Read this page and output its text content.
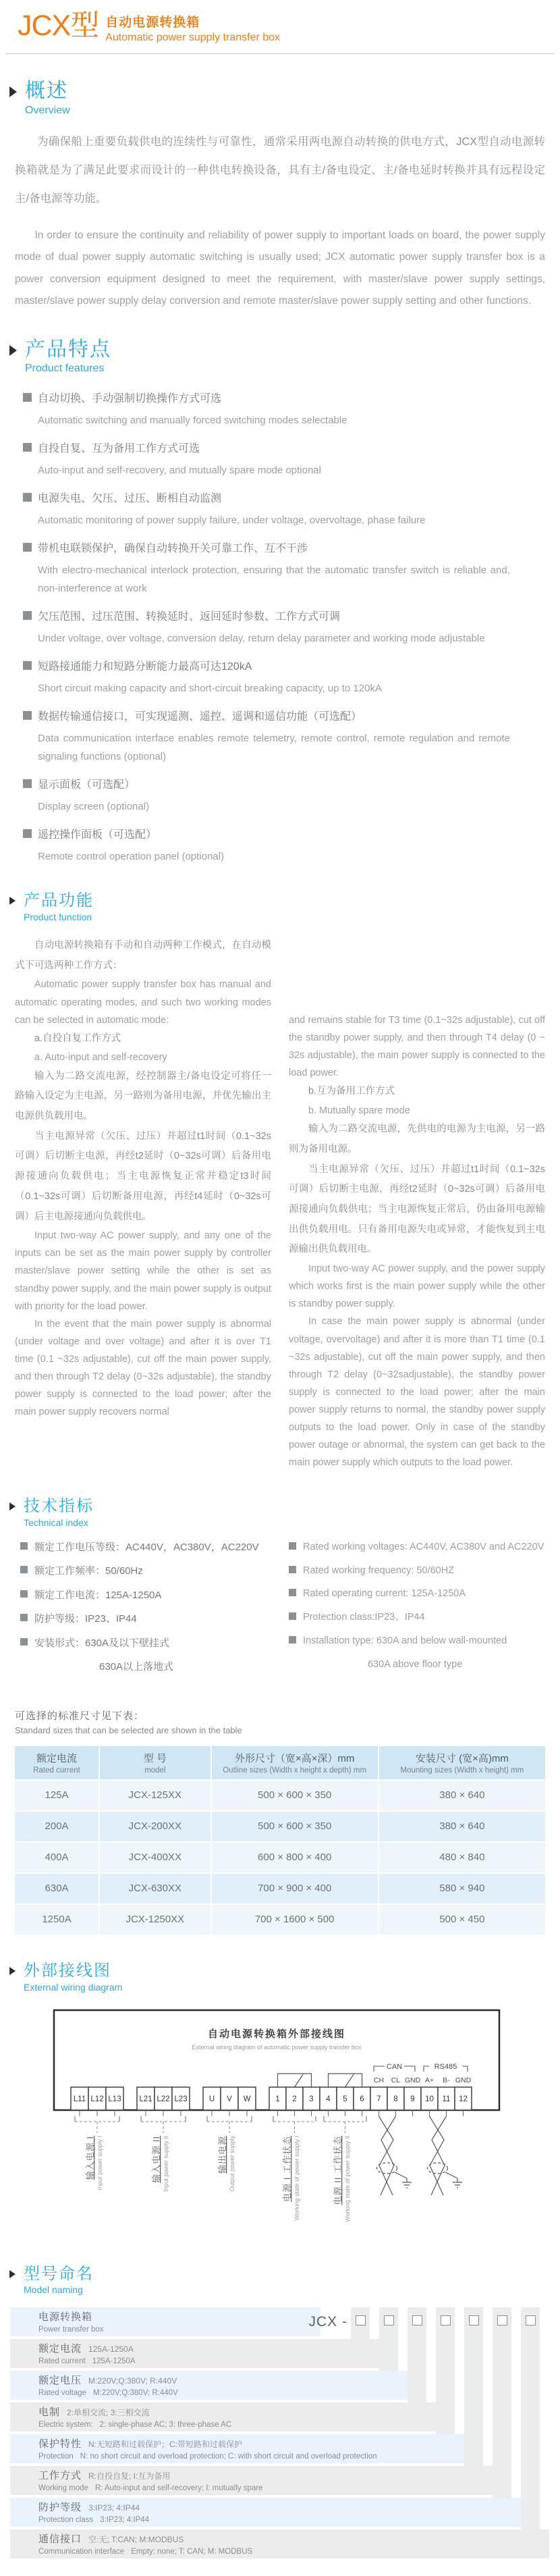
JCX型 自动电源转换箱
Automatic power supply transfer box
概述
Overview

为确保船上重要负载供电的连续性与可靠性，通常采用两电源自动转换的供电方式，JCX型自动电源转换箱就是为了满足此要求而设计的一种供电转换设备，具有主/备电设定、主/备电延时转换并具有远程设定主/备电源等功能。

In order to ensure the continuity and reliability of power supply to important loads on board, the power supply mode of dual power supply automatic switching is usually used; JCX automatic power supply transfer box is a power conversion equipment designed to meet the requirement, with master/slave power supply settings, master/slave power supply delay conversion and remote master/slave power supply setting and other functions.

产品特点
Product features
自动切换、手动强制切换操作方式可选
Automatic switching and manually forced switching modes selectable
自投自复、互为备用工作方式可选
Auto-input and self-recovery, and mutually spare mode optional
电源失电、欠压、过压、断相自动监测
Automatic monitoring of power supply failure, under voltage, overvoltage, phase failure
带机电联锁保护，确保自动转换开关可靠工作、互不干涉
With electro-mechanical interlock protection, ensuring that the automatic transfer switch is reliable and, non-interference at work
欠压范围、过压范围、转换延时、返回延时参数、工作方式可调
Under voltage, over voltage, conversion delay, return delay parameter and working mode adjustable
短路接通能力和短路分断能力最高可达120kA
Short circuit making capacity and short-circuit breaking capacity, up to 120kA
数据传输通信接口，可实现遥测、遥控、遥调和遥信功能（可选配）
Data communication interface enables remote telemetry, remote control, remote regulation and remote signaling functions (optional)
显示面板（可选配）
Display screen (optional)
遥控操作面板（可选配）
Remote control operation panel (optional)
产品功能
Product function

自动电源转换箱有手动和自动两种工作模式，在自动模式下可选两种工作方式：

Automatic power supply transfer box has manual and automatic operating modes, and such two working modes can be selected in automatic mode:

a.自投自复工作方式

a. Auto-input and self-recovery

输入为二路交流电源，经控制器主/备电设定可将任一路输入设定为主电源，另一路则为备用电源，并优先输出主电源供负载用电。

当主电源异常（欠压、过压）并超过t1时间（0.1~32s可调）后切断主电源，再经t2延时（0~32s可调）后备用电源接通向负载供电；当主电源恢复正常并稳定t3时间（0.1~32s可调）后切断备用电源，再经t4延时（0~32s可调）后主电源接通向负载供电。

Input two-way AC power supply, and any one of the inputs can be set as the main power supply by controller master/slave power setting while the other is set as standby power supply, and the main power supply is output with priority for the load power.

In the event that the main power supply is abnormal (under voltage and over voltage) and after it is over T1 time (0.1 ~32s adjustable), cut off the main power supply, and then through T2 delay (0~32s adjustable), the standby power supply is connected to the load power; after the main power supply recovers normal

and remains stable for T3 time (0.1~32s adjustable), cut off the standby power supply, and then through T4 delay (0 ~ 32s adjustable), the main power supply is connected to the load power.

b.互为备用工作方式

b. Mutually spare mode

输入为二路交流电源，先供电的电源为主电源，另一路则为备用电源。

当主电源异常（欠压、过压）并超过t1时间（0.1~32s可调）后切断主电源，再经t2延时（0~32s可调）后备用电源接通向负载供电；当主电源恢复正常后，仍由备用电源输出供负载用电。只有备用电源失电或异常，才能恢复到主电源输出供负载用电。

Input two-way AC power supply, and the power supply which works first is the main power supply while the other is standby power supply.

In case the main power supply is abnormal (under voltage, overvoltage) and after it is more than T1 time (0.1 ~32s adjustable), cut off the main power supply, and then through T2 delay (0~32sadjustable), the standby power supply is connected to the load power; after the main power supply returns to normal, the standby power supply outputs to the load power. Only in case of the standby power outage or abnormal, the system can get back to the main power supply which outputs to the load power.

技术指标
Technical index
额定工作电压等级：AC440V，AC380V，AC220V
额定工作频率：50/60Hz
额定工作电流：125A-1250A
防护等级：IP23、IP44
安装形式：630A及以下壁挂式
630A以上落地式
Rated working voltages: AC440V, AC380V and AC220V
Rated working frequency: 50/60HZ
Rated operating current: 125A-1250A
Protection class:IP23、IP44
Installation type: 630A and below wall-mounted
630A above floor type
可选择的标准尺寸见下表：
Standard sizes that can be selected are shown in the table
额定电流
Rated current	型 号
model	外形尺寸（宽×高×深）mm
Outline sizes (Width x height x depth) mm	安装尺寸 (宽×高)mm
Mounting sizes (Width x height) mm

125A	JCX-125XX	500 × 600 × 350	380 × 640
200A	JCX-200XX	500 × 600 × 350	380 × 640
400A	JCX-400XX	600 × 800 × 400	480 × 840
630A	JCX-630XX	700 × 900 × 400	580 × 940
1250A	JCX-1250XX	700 × 1600 × 500	500 × 450
外部接线图
External wiring diagram
自动电源转换箱外部接线图
External wiring diagram of automatic power supply transfer box
CAN	RS485
CH CL GND A+ B- GND
L11 L12 L13 L21 L22 L23	U V W	1 2 3 4 5 6 7 8 9 10 11 12
输入电源 I Input power supply I	输入电源 II Input power supply II	输出电源 Output power supply	电源 I 工作状态 Working state of power supply I	电源 II 工作状态 Working state of power supply II
型号命名
Model naming
JCX -
电源转换箱
Power transfer box
额定电流 125A-1250A
Rated current 125A-1250A
额定电压 M:220V;Q:380V; R:440V
Rated voltage M:220V;Q:380V; R:440V
电制 2:单相交流; 3:三相交流
Electric system: 2: single-phase AC; 3: three-phase AC
保护特性 N:无短路和过载保护；C:带短路和过载保护
Protection N: no short circuit and overload protection; C: with short circuit and overload protection
工作方式 R:自投自复; I:互为备用
Working mode R: Auto-input and self-recovery; I: mutually spare
防护等级 3:IP23; 4:IP44
Protection class 3:IP23; 4:IP44
通信接口 空:无; T:CAN; M:MODBUS
Communication interface Empty: none; T: CAN; M: MODBUS
